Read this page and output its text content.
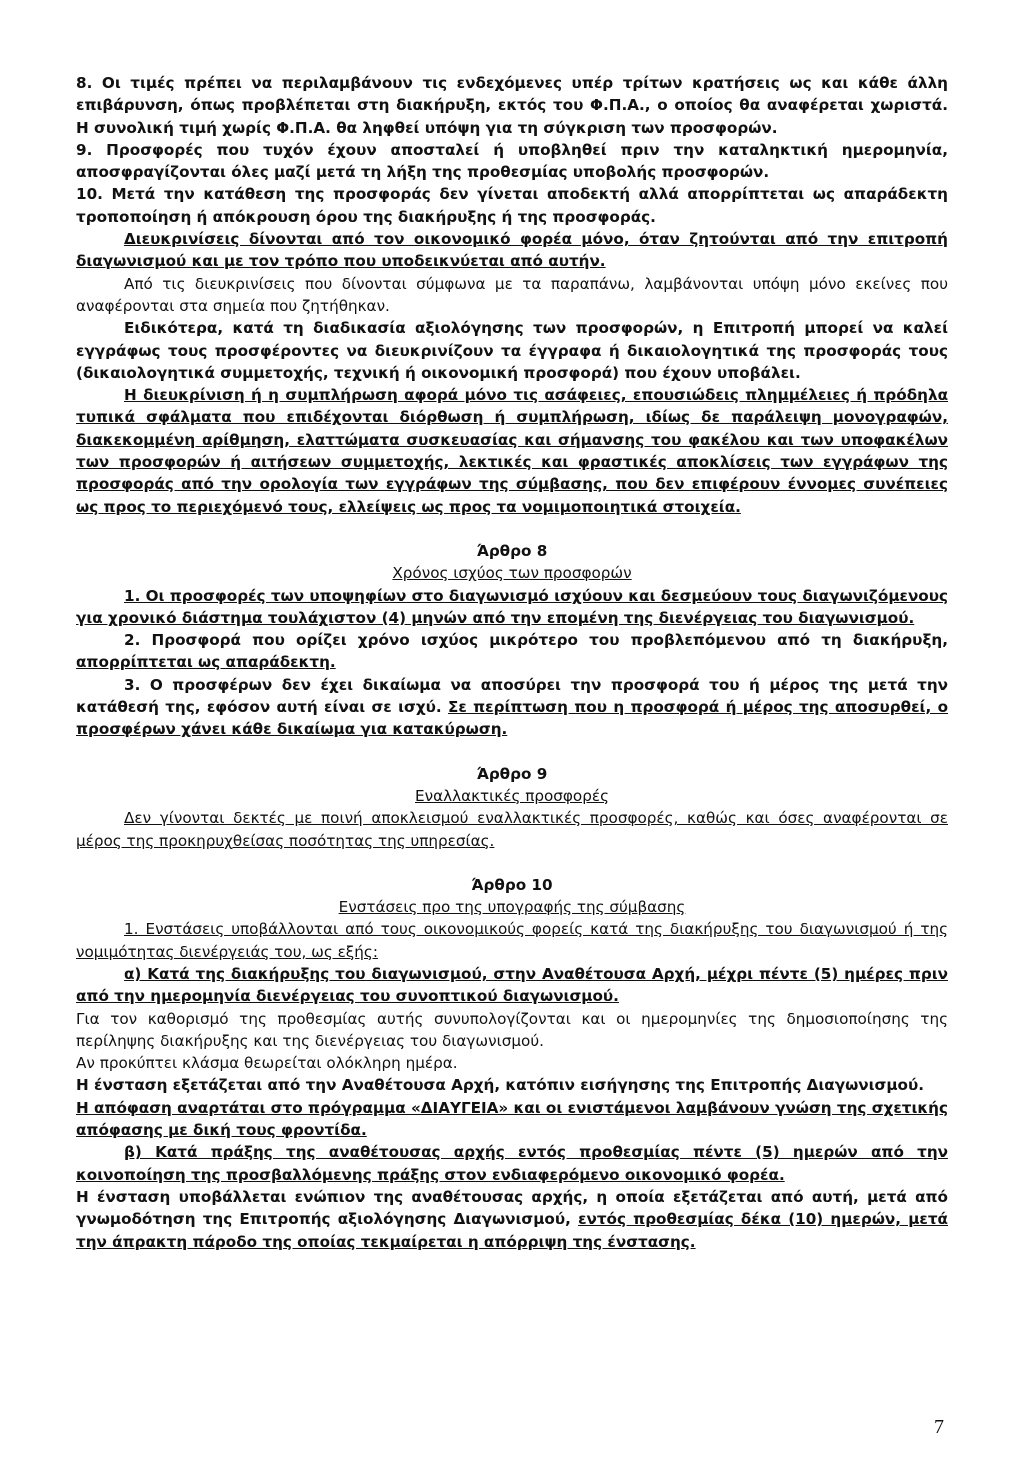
8. Οι τιμές πρέπει να περιλαμβάνουν τις ενδεχόμενες υπέρ τρίτων κρατήσεις ως και κάθε άλλη επιβάρυνση, όπως προβλέπεται στη διακήρυξη, εκτός του Φ.Π.Α., ο οποίος θα αναφέρεται χωριστά. Η συνολική τιμή χωρίς Φ.Π.Α. θα ληφθεί υπόψη για τη σύγκριση των προσφορών.

9. Προσφορές που τυχόν έχουν αποσταλεί ή υποβληθεί πριν την καταληκτική ημερομηνία, αποσφραγίζονται όλες μαζί μετά τη λήξη της προθεσμίας υποβολής προσφορών.

10. Μετά την κατάθεση της προσφοράς δεν γίνεται αποδεκτή αλλά απορρίπτεται ως απαράδεκτη τροποποίηση ή απόκρουση όρου της διακήρυξης ή της προσφοράς.

Διευκρινίσεις δίνονται από τον οικονομικό φορέα μόνο, όταν ζητούνται από την επιτροπή διαγωνισμού και με τον τρόπο που υποδεικνύεται από αυτήν.

Από τις διευκρινίσεις που δίνονται σύμφωνα με τα παραπάνω, λαμβάνονται υπόψη μόνο εκείνες που αναφέρονται στα σημεία που ζητήθηκαν.

Ειδικότερα, κατά τη διαδικασία αξιολόγησης των προσφορών, η Επιτροπή μπορεί να καλεί εγγράφως τους προσφέροντες να διευκρινίζουν τα έγγραφα ή δικαιολογητικά της προσφοράς τους (δικαιολογητικά συμμετοχής, τεχνική ή οικονομική προσφορά) που έχουν υποβάλει.

Η διευκρίνιση ή η συμπλήρωση αφορά μόνο τις ασάφειες, επουσιώδεις πλημμέλειες ή πρόδηλα τυπικά σφάλματα που επιδέχονται διόρθωση ή συμπλήρωση, ιδίως δε παράλειψη μονογραφών, διακεκομμένη αρίθμηση, ελαττώματα συσκευασίας και σήμανσης του φακέλου και των υποφακέλων των προσφορών ή αιτήσεων συμμετοχής, λεκτικές και φραστικές αποκλίσεις των εγγράφων της προσφοράς από την ορολογία των εγγράφων της σύμβασης, που δεν επιφέρουν έννομες συνέπειες ως προς το περιεχόμενό τους, ελλείψεις ως προς τα νομιμοποιητικά στοιχεία.

Άρθρο 8

Χρόνος ισχύος των προσφορών

1. Οι προσφορές των υποψηφίων στο διαγωνισμό ισχύουν και δεσμεύουν τους διαγωνιζόμενους για χρονικό διάστημα τουλάχιστον (4) μηνών από την επομένη της διενέργειας του διαγωνισμού.

2. Προσφορά που ορίζει χρόνο ισχύος μικρότερο του προβλεπόμενου από τη διακήρυξη, απορρίπτεται ως απαράδεκτη.

3. Ο προσφέρων δεν έχει δικαίωμα να αποσύρει την προσφορά του ή μέρος της μετά την κατάθεσή της, εφόσον αυτή είναι σε ισχύ. Σε περίπτωση που η προσφορά ή μέρος της αποσυρθεί, ο προσφέρων χάνει κάθε δικαίωμα για κατακύρωση.

Άρθρο 9

Εναλλακτικές προσφορές

Δεν γίνονται δεκτές με ποινή αποκλεισμού εναλλακτικές προσφορές, καθώς και όσες αναφέρονται σε μέρος της προκηρυχθείσας ποσότητας της υπηρεσίας.

Άρθρο 10

Ενστάσεις προ της υπογραφής της σύμβασης

1. Ενστάσεις υποβάλλονται από τους οικονομικούς φορείς κατά της διακήρυξης του διαγωνισμού ή της νομιμότητας διενέργειάς του, ως εξής:

α) Κατά της διακήρυξης του διαγωνισμού, στην Αναθέτουσα Αρχή, μέχρι πέντε (5) ημέρες πριν από την ημερομηνία διενέργειας του συνοπτικού διαγωνισμού.

Για τον καθορισμό της προθεσμίας αυτής συνυπολογίζονται και οι ημερομηνίες της δημοσιοποίησης της περίληψης διακήρυξης και της διενέργειας του διαγωνισμού.

Αν προκύπτει κλάσμα θεωρείται ολόκληρη ημέρα.

Η ένσταση εξετάζεται από την Αναθέτουσα Αρχή, κατόπιν εισήγησης της Επιτροπής Διαγωνισμού.

Η απόφαση αναρτάται στο πρόγραμμα «ΔΙΑΥΓΕΙΑ» και οι ενιστάμενοι λαμβάνουν γνώση της σχετικής απόφασης με δική τους φροντίδα.

β) Κατά πράξης της αναθέτουσας αρχής εντός προθεσμίας πέντε (5) ημερών από την κοινοποίηση της προσβαλλόμενης πράξης στον ενδιαφερόμενο οικονομικό φορέα.

Η ένσταση υποβάλλεται ενώπιον της αναθέτουσας αρχής, η οποία εξετάζεται από αυτή, μετά από γνωμοδότηση της Επιτροπής αξιολόγησης Διαγωνισμού, εντός προθεσμίας δέκα (10) ημερών, μετά την άπρακτη πάροδο της οποίας τεκμαίρεται η απόρριψη της ένστασης.

7
